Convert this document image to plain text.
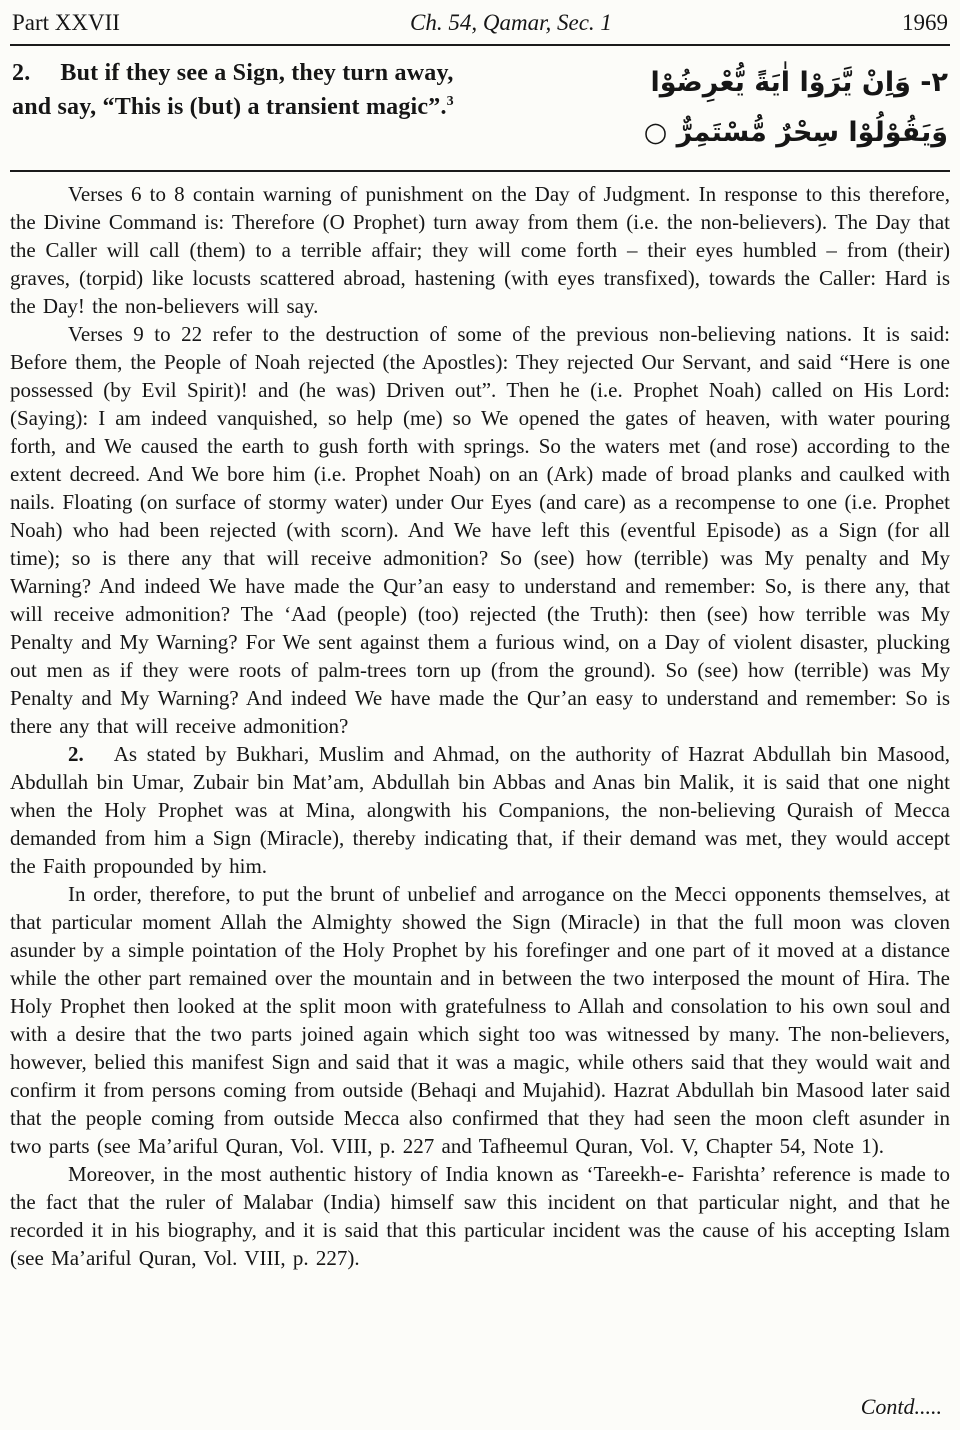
Part XXVII	Ch. 54, Qamar, Sec. 1	1969
2. But if they see a Sign, they turn away, and say, “This is (but) a transient magic”.$^3$
٢- وَاِنْ يَّرَوْا اٰيَةً يُّعْرِضُوْا
وَيَقُوْلُوْا سِحْرٌ مُّسْتَمِرٌّ ○

Verses 6 to 8 contain warning of punishment on the Day of Judgment. In response to this therefore, the Divine Command is: Therefore (O Prophet) turn away from them (i.e. the non-believers). The Day that the Caller will call (them) to a terrible affair; they will come forth – their eyes humbled – from (their) graves, (torpid) like locusts scattered abroad, hastening (with eyes transfixed), towards the Caller: Hard is the Day! the non-believers will say.

Verses 9 to 22 refer to the destruction of some of the previous non-believing nations. It is said: Before them, the People of Noah rejected (the Apostles): They rejected Our Servant, and said “Here is one possessed (by Evil Spirit)! and (he was) Driven out”. Then he (i.e. Prophet Noah) called on His Lord: (Saying): I am indeed vanquished, so help (me) so We opened the gates of heaven, with water pouring forth, and We caused the earth to gush forth with springs. So the waters met (and rose) according to the extent decreed. And We bore him (i.e. Prophet Noah) on an (Ark) made of broad planks and caulked with nails. Floating (on surface of stormy water) under Our Eyes (and care) as a recompense to one (i.e. Prophet Noah) who had been rejected (with scorn). And We have left this (eventful Episode) as a Sign (for all time); so is there any that will receive admonition? So (see) how (terrible) was My penalty and My Warning? And indeed We have made the Qur’an easy to understand and remember: So, is there any, that will receive admonition? The ‘Aad (people) (too) rejected (the Truth): then (see) how terrible was My Penalty and My Warning? For We sent against them a furious wind, on a Day of violent disaster, plucking out men as if they were roots of palm-trees torn up (from the ground). So (see) how (terrible) was My Penalty and My Warning? And indeed We have made the Qur’an easy to understand and remember: So is there any that will receive admonition?

2. As stated by Bukhari, Muslim and Ahmad, on the authority of Hazrat Abdullah bin Masood, Abdullah bin Umar, Zubair bin Mat’am, Abdullah bin Abbas and Anas bin Malik, it is said that one night when the Holy Prophet was at Mina, alongwith his Companions, the non-believing Quraish of Mecca demanded from him a Sign (Miracle), thereby indicating that, if their demand was met, they would accept the Faith propounded by him.

In order, therefore, to put the brunt of unbelief and arrogance on the Mecci opponents themselves, at that particular moment Allah the Almighty showed the Sign (Miracle) in that the full moon was cloven asunder by a simple pointation of the Holy Prophet by his forefinger and one part of it moved at a distance while the other part remained over the mountain and in between the two interposed the mount of Hira. The Holy Prophet then looked at the split moon with gratefulness to Allah and consolation to his own soul and with a desire that the two parts joined again which sight too was witnessed by many. The non-believers, however, belied this manifest Sign and said that it was a magic, while others said that they would wait and confirm it from persons coming from outside (Behaqi and Mujahid). Hazrat Abdullah bin Masood later said that the people coming from outside Mecca also confirmed that they had seen the moon cleft asunder in two parts (see Ma’ariful Quran, Vol. VIII, p. 227 and Tafheemul Quran, Vol. V, Chapter 54, Note 1).

Moreover, in the most authentic history of India known as ‘Tareekh-e- Farishta’ reference is made to the fact that the ruler of Malabar (India) himself saw this incident on that particular night, and that he recorded it in his biography, and it is said that this particular incident was the cause of his accepting Islam (see Ma’ariful Quran, Vol. VIII, p. 227).

Contd.....
